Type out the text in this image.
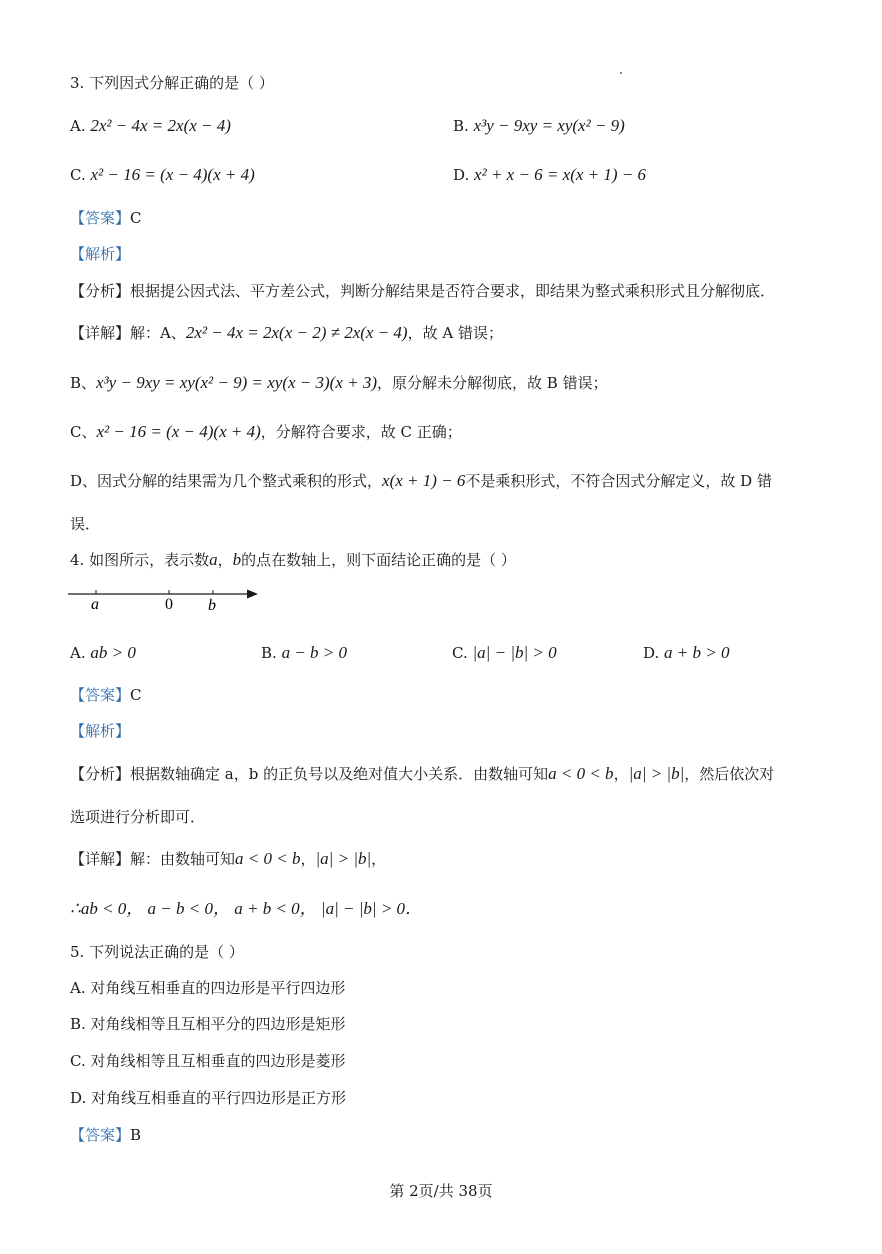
3. 下列因式分解正确的是（ ）
A. 2x² − 4x = 2x(x − 4)	B. x³y − 9xy = xy(x² − 9)
C. x² − 16 = (x − 4)(x + 4)	D. x² + x − 6 = x(x + 1) − 6
【答案】C
【解析】
【分析】根据提公因式法、平方差公式，判断分解结果是否符合要求，即结果为整式乘积形式且分解彻底．
【详解】解：A、2x² − 4x = 2x(x − 2) ≠ 2x(x − 4)，故 A 错误；
B、x³y − 9xy = xy(x² − 9) = xy(x − 3)(x + 3)，原分解未分解彻底，故 B 错误；
C、x² − 16 = (x − 4)(x + 4)，分解符合要求，故 C 正确；
D、因式分解的结果需为几个整式乘积的形式，x(x + 1) − 6不是乘积形式，不符合因式分解定义，故 D 错
误．
4. 如图所示，表示数a，b的点在数轴上，则下面结论正确的是（ ）
a	0 b
A. ab > 0	B. a − b > 0	C. |a| − |b| > 0	D. a + b > 0
【答案】C
【解析】
【分析】根据数轴确定 a，b 的正负号以及绝对值大小关系．由数轴可知a < 0 < b，|a| > |b|，然后依次对
选项进行分析即可．
【详解】解：由数轴可知a < 0 < b，|a| > |b|，
∴ab < 0， a − b < 0， a + b < 0， |a| − |b| > 0．
5. 下列说法正确的是（ ）
A. 对角线互相垂直的四边形是平行四边形
B. 对角线相等且互相平分的四边形是矩形
C. 对角线相等且互相垂直的四边形是菱形
D. 对角线互相垂直的平行四边形是正方形
【答案】B
第 2页/共 38页
